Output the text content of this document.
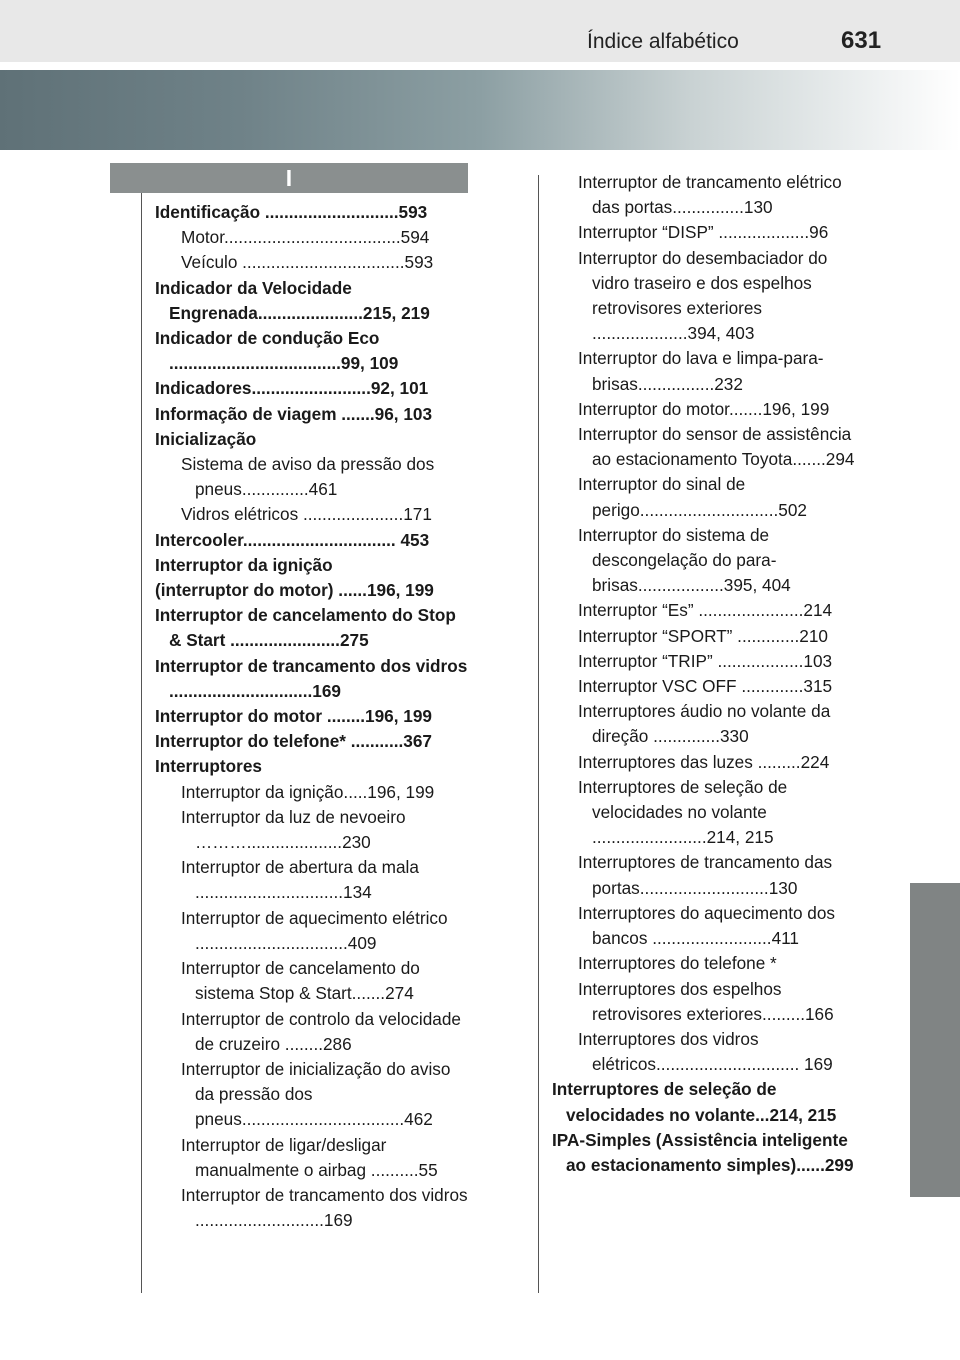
Índice alfabético	631
I
Identificação ............................593
Motor.....................................594
Veículo ..................................593
Indicador da Velocidade Engrenada......................215, 219
Indicador de condução Eco ....................................99, 109
Indicadores.........................92, 101
Informação de viagem .......96, 103
Inicialização
Sistema de aviso da pressão dos pneus..............461
Vidros elétricos .....................171
Intercooler................................ 453
Interruptor da ignição
(interruptor do motor) ......196, 199
Interruptor de cancelamento do Stop & Start .......................275
Interruptor de trancamento dos vidros ..............................169
Interruptor do motor ........196, 199
Interruptor do telefone* ...........367
Interruptores
Interruptor da ignição.....196, 199
Interruptor da luz de nevoeiro ………....................230
Interruptor de abertura da mala ...............................134
Interruptor de aquecimento elétrico ................................409
Interruptor de cancelamento do sistema Stop & Start.......274
Interruptor de controlo da velocidade de cruzeiro ........286
Interruptor de inicialização do aviso da pressão dos pneus..................................462
Interruptor de ligar/desligar manualmente o airbag ..........55
Interruptor de trancamento dos vidros ...........................169
Interruptor de trancamento elétrico das portas...............130
Interruptor “DISP” ...................96
Interruptor do desembaciador do vidro traseiro e dos espelhos retrovisores exteriores ....................394, 403
Interruptor do lava e limpa-para-brisas................232
Interruptor do motor.......196, 199
Interruptor do sensor de assistência ao estacionamento Toyota.......294
Interruptor do sinal de perigo.............................502
Interruptor do sistema de descongelação do para-brisas..................395, 404
Interruptor “Es” ......................214
Interruptor “SPORT” .............210
Interruptor “TRIP” ..................103
Interruptor VSC OFF .............315
Interruptores áudio no volante da direção ..............330
Interruptores das luzes .........224
Interruptores de seleção de velocidades no volante ........................214, 215
Interruptores de trancamento das portas...........................130
Interruptores do aquecimento dos bancos .........................411
Interruptores do telefone *
Interruptores dos espelhos retrovisores exteriores.........166
Interruptores dos vidros elétricos.............................. 169
Interruptores de seleção de velocidades no volante...214, 215
IPA-Simples (Assistência inteligente ao estacionamento simples)......299
